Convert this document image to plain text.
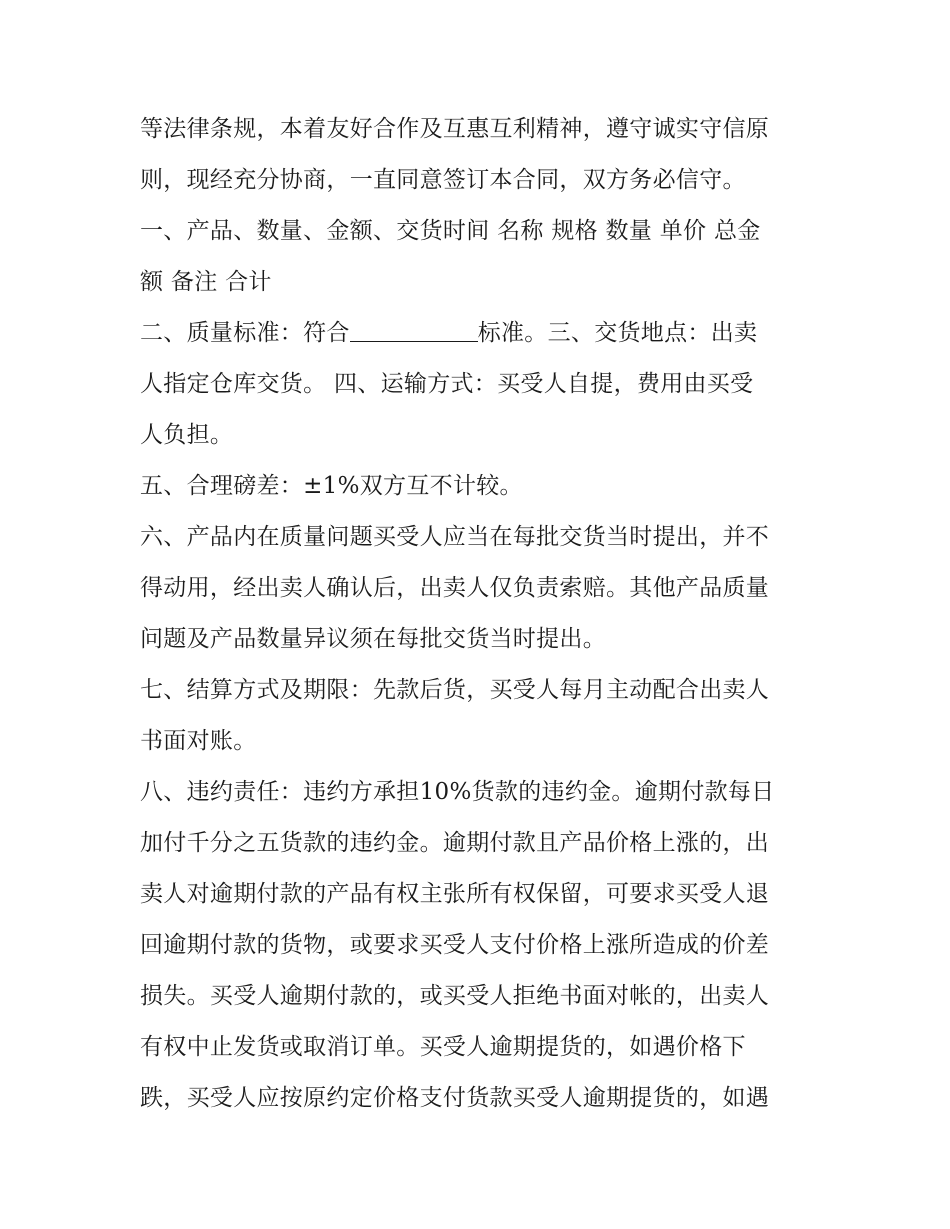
等法律条规，本着友好合作及互惠互利精神，遵守诚实守信原
则，现经充分协商，一直同意签订本合同，双方务必信守。
一、产品、数量、金额、交货时间 名称 规格 数量 单价 总金
额 备注 合计
二、质量标准：符合	标准。三、交货地点：出卖
人指定仓库交货。 四、运输方式：买受人自提，费用由买受
人负担。
五、合理磅差：±1%双方互不计较。
六、产品内在质量问题买受人应当在每批交货当时提出，并不
得动用，经出卖人确认后，出卖人仅负责索赔。其他产品质量
问题及产品数量异议须在每批交货当时提出。
七、结算方式及期限：先款后货，买受人每月主动配合出卖人
书面对账。
八、违约责任：违约方承担10%货款的违约金。逾期付款每日
加付千分之五货款的违约金。逾期付款且产品价格上涨的，出
卖人对逾期付款的产品有权主张所有权保留，可要求买受人退
回逾期付款的货物，或要求买受人支付价格上涨所造成的价差
损失。买受人逾期付款的，或买受人拒绝书面对帐的，出卖人
有权中止发货或取消订单。买受人逾期提货的，如遇价格下
跌，买受人应按原约定价格支付货款买受人逾期提货的，如遇
